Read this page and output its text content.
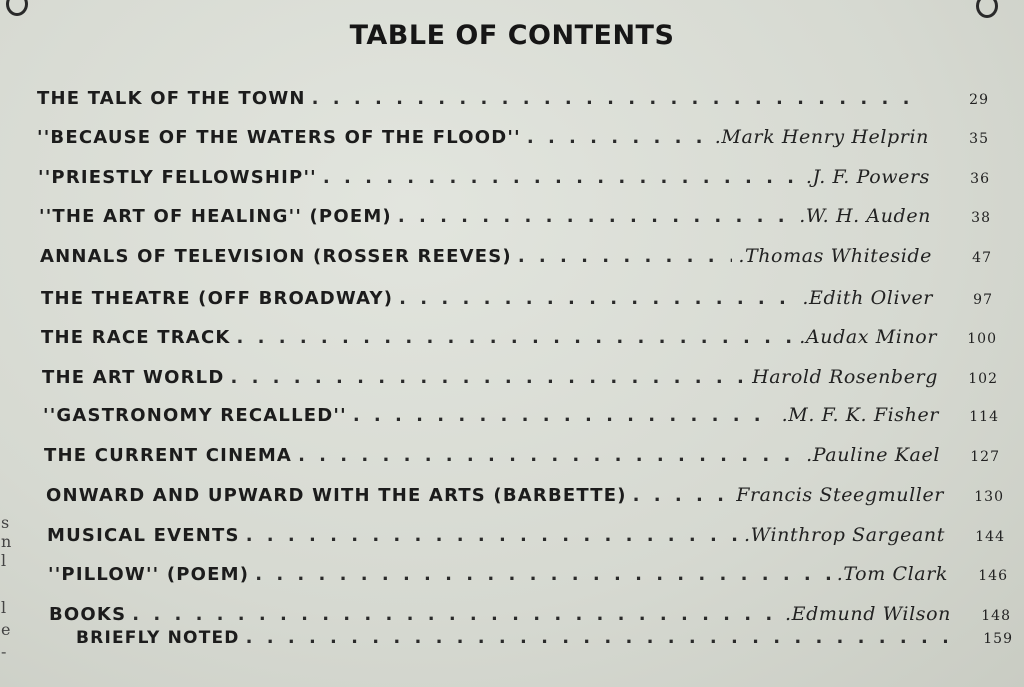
TABLE OF CONTENTS
THE TALK OF THE TOWN . . .	29
''BECAUSE OF THE WATERS OF THE FLOOD'' . . .	.Mark Henry Helprin	35
''PRIESTLY FELLOWSHIP'' . . .	.J. F. Powers	36
''THE ART OF HEALING'' (POEM) . . .	.W. H. Auden	38
ANNALS OF TELEVISION (ROSSER REEVES) . . .	.Thomas Whiteside	47
THE THEATRE (OFF BROADWAY) . . .	.Edith Oliver	97
THE RACE TRACK . . .	.Audax Minor	100
THE ART WORLD . . .	Harold Rosenberg	102
''GASTRONOMY RECALLED'' . . .	.M. F. K. Fisher	114
THE CURRENT CINEMA . . .	.Pauline Kael	127
ONWARD AND UPWARD WITH THE ARTS (BARBETTE) . . .	Francis Steegmuller	130
MUSICAL EVENTS . . .	.Winthrop Sargeant	144
''PILLOW'' (POEM) . . .	.Tom Clark	146
BOOKS . . .	.Edmund Wilson	148
BRIEFLY NOTED . . .	159
s
n
l
l
e
-
